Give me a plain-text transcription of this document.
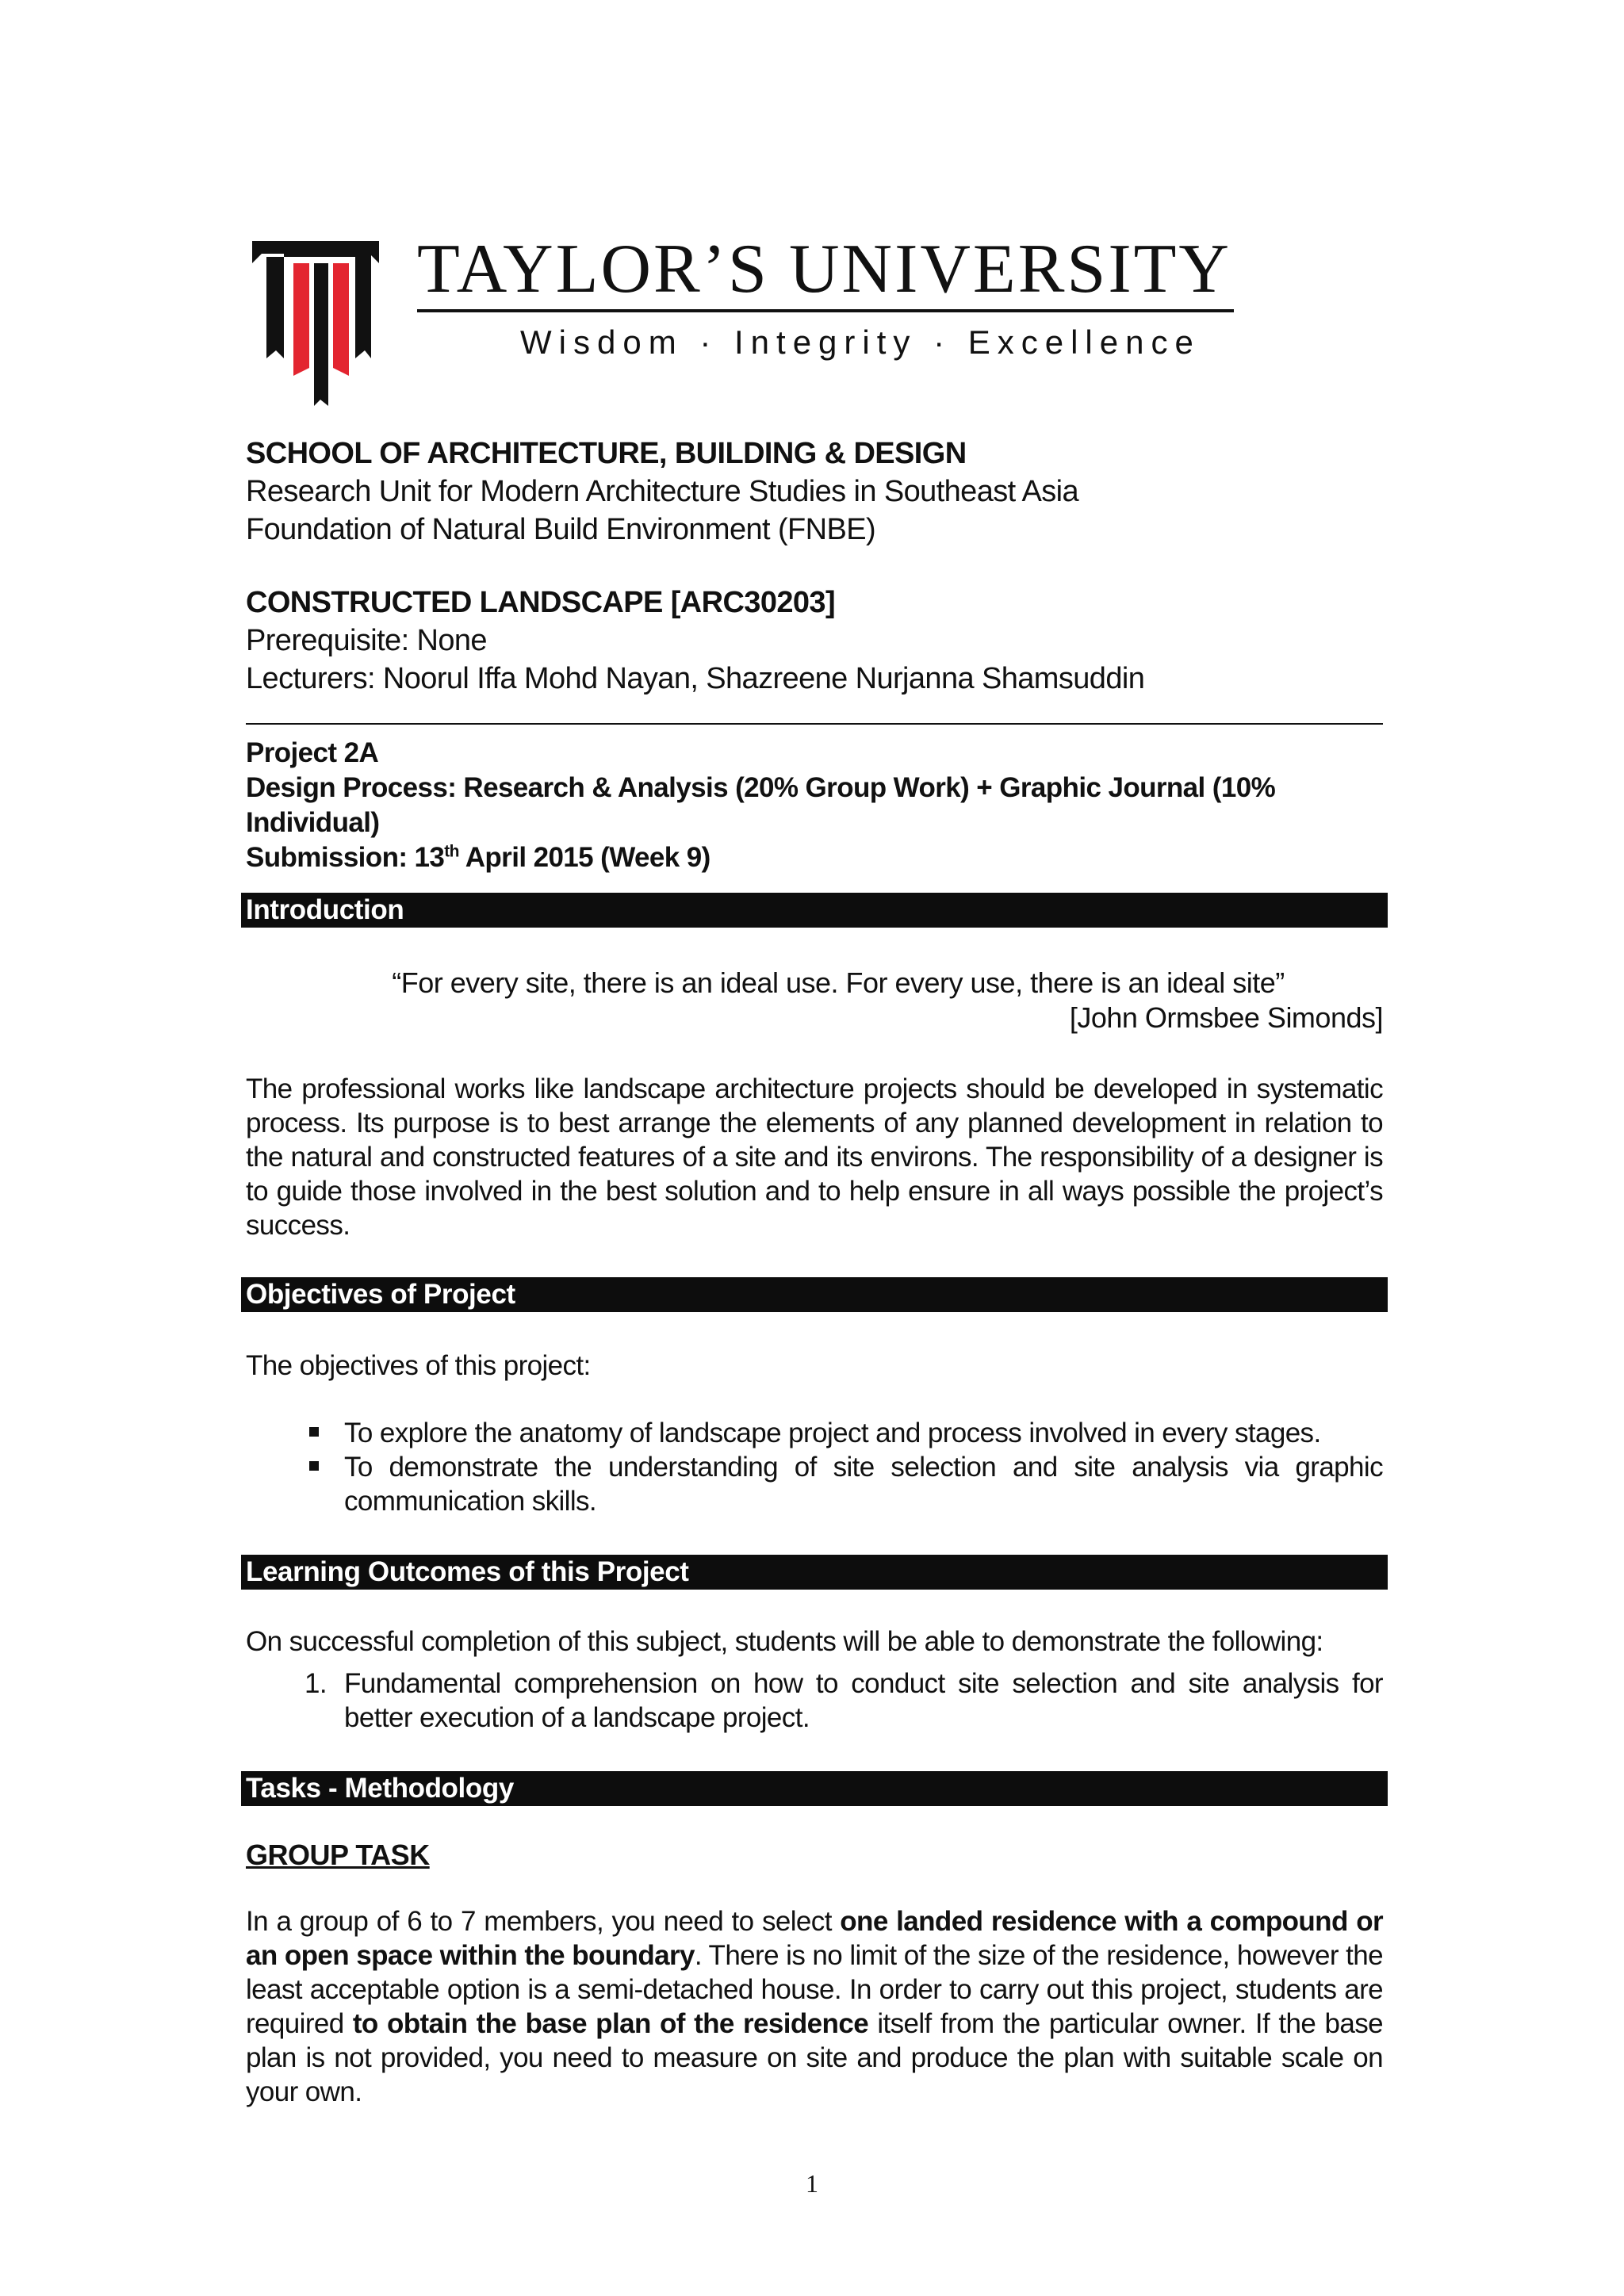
TAYLOR’S UNIVERSITY
Wisdom · Integrity · Excellence

SCHOOL OF ARCHITECTURE, BUILDING & DESIGN

Research Unit for Modern Architecture Studies in Southeast Asia

Foundation of Natural Build Environment (FNBE)

CONSTRUCTED LANDSCAPE [ARC30203]

Prerequisite: None

Lecturers: Noorul Iffa Mohd Nayan, Shazreene Nurjanna Shamsuddin

Project 2A

Design Process: Research & Analysis (20% Group Work) + Graphic Journal (10% Individual)

Submission: 13th April 2015 (Week 9)

Introduction

“For every site, there is an ideal use. For every use, there is an ideal site”

[John Ormsbee Simonds]

The professional works like landscape architecture projects should be developed in systematic process. Its purpose is to best arrange the elements of any planned development in relation to the natural and constructed features of a site and its environs. The responsibility of a designer is to guide those involved in the best solution and to help ensure in all ways possible the project’s success.

Objectives of Project

The objectives of this project:

To explore the anatomy of landscape project and process involved in every stages.
To demonstrate the understanding of site selection and site analysis via graphic communication skills.
Learning Outcomes of this Project

On successful completion of this subject, students will be able to demonstrate the following:

1. Fundamental comprehension on how to conduct site selection and site analysis for better execution of a landscape project.
Tasks - Methodology

GROUP TASK

In a group of 6 to 7 members, you need to select one landed residence with a compound or an open space within the boundary. There is no limit of the size of the residence, however the least acceptable option is a semi-detached house. In order to carry out this project, students are required to obtain the base plan of the residence itself from the particular owner. If the base plan is not provided, you need to measure on site and produce the plan with suitable scale on your own.

1
